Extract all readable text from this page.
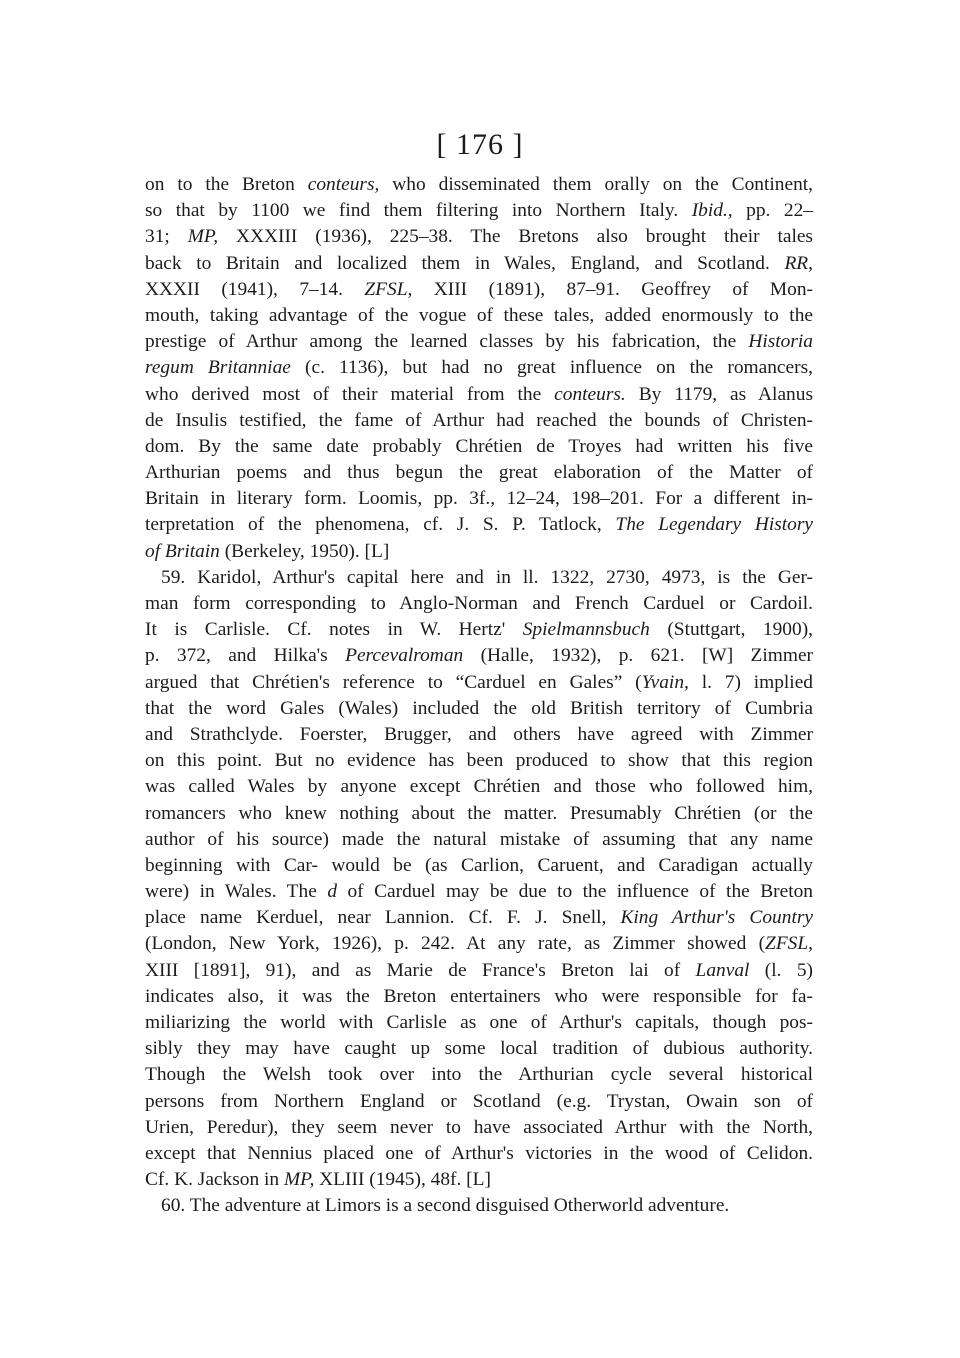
[ 176 ]
on to the Breton conteurs, who disseminated them orally on the Continent,
so that by 1100 we find them filtering into Northern Italy. Ibid., pp. 22–
31; MP, XXXIII (1936), 225–38. The Bretons also brought their tales
back to Britain and localized them in Wales, England, and Scotland. RR,
XXXII (1941), 7–14. ZFSL, XIII (1891), 87–91. Geoffrey of Mon-
mouth, taking advantage of the vogue of these tales, added enormously to the
prestige of Arthur among the learned classes by his fabrication, the Historia
regum Britanniae (c. 1136), but had no great influence on the romancers,
who derived most of their material from the conteurs. By 1179, as Alanus
de Insulis testified, the fame of Arthur had reached the bounds of Christen-
dom. By the same date probably Chrétien de Troyes had written his five
Arthurian poems and thus begun the great elaboration of the Matter of
Britain in literary form. Loomis, pp. 3f., 12–24, 198–201. For a different in-
terpretation of the phenomena, cf. J. S. P. Tatlock, The Legendary History
of Britain (Berkeley, 1950). [L]
59. Karidol, Arthur's capital here and in ll. 1322, 2730, 4973, is the Ger-
man form corresponding to Anglo-Norman and French Carduel or Cardoil.
It is Carlisle. Cf. notes in W. Hertz' Spielmannsbuch (Stuttgart, 1900),
p. 372, and Hilka's Percevalroman (Halle, 1932), p. 621. [W] Zimmer
argued that Chrétien's reference to “Carduel en Gales” (Yvain, l. 7) implied
that the word Gales (Wales) included the old British territory of Cumbria
and Strathclyde. Foerster, Brugger, and others have agreed with Zimmer
on this point. But no evidence has been produced to show that this region
was called Wales by anyone except Chrétien and those who followed him,
romancers who knew nothing about the matter. Presumably Chrétien (or the
author of his source) made the natural mistake of assuming that any name
beginning with Car- would be (as Carlion, Caruent, and Caradigan actually
were) in Wales. The d of Carduel may be due to the influence of the Breton
place name Kerduel, near Lannion. Cf. F. J. Snell, King Arthur's Country
(London, New York, 1926), p. 242. At any rate, as Zimmer showed (ZFSL,
XIII [1891], 91), and as Marie de France's Breton lai of Lanval (l. 5)
indicates also, it was the Breton entertainers who were responsible for fa-
miliarizing the world with Carlisle as one of Arthur's capitals, though pos-
sibly they may have caught up some local tradition of dubious authority.
Though the Welsh took over into the Arthurian cycle several historical
persons from Northern England or Scotland (e.g. Trystan, Owain son of
Urien, Peredur), they seem never to have associated Arthur with the North,
except that Nennius placed one of Arthur's victories in the wood of Celidon.
Cf. K. Jackson in MP, XLIII (1945), 48f. [L]
60. The adventure at Limors is a second disguised Otherworld adventure.
